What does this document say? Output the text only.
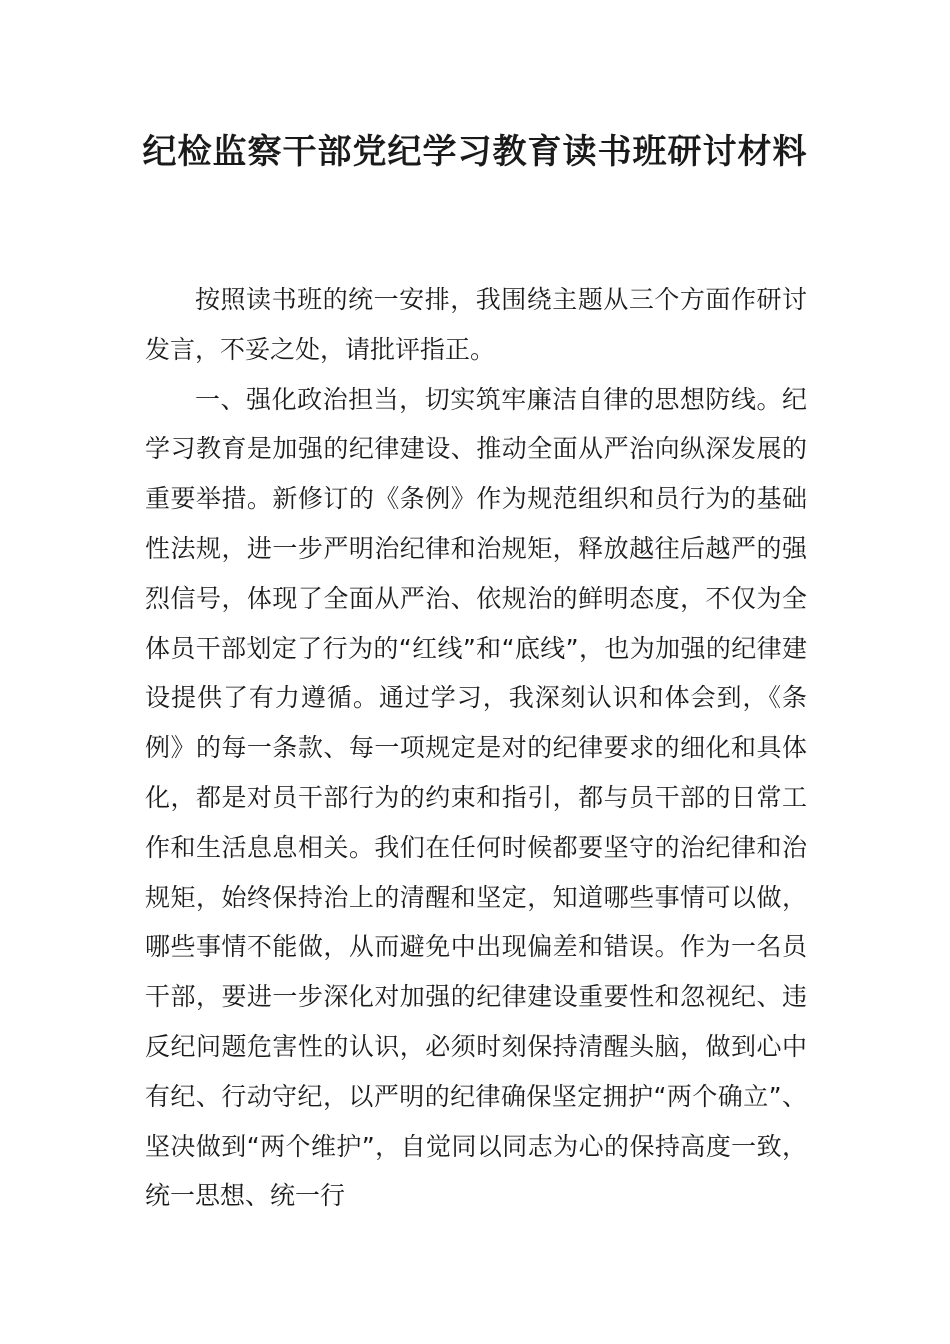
纪检监察干部党纪学习教育读书班研讨材料

按照读书班的统一安排，我围绕主题从三个方面作研讨发言，不妥之处，请批评指正。

一、强化政治担当，切实筑牢廉洁自律的思想防线。纪学习教育是加强的纪律建设、推动全面从严治向纵深发展的重要举措。新修订的《条例》作为规范组织和员行为的基础性法规，进一步严明治纪律和治规矩，释放越往后越严的强烈信号，体现了全面从严治、依规治的鲜明态度，不仅为全体员干部划定了行为的“红线”和“底线”，也为加强的纪律建设提供了有力遵循。通过学习，我深刻认识和体会到，《条例》的每一条款、每一项规定是对的纪律要求的细化和具体化，都是对员干部行为的约束和指引，都与员干部的日常工作和生活息息相关。我们在任何时候都要坚守的治纪律和治规矩，始终保持治上的清醒和坚定，知道哪些事情可以做，哪些事情不能做，从而避免中出现偏差和错误。作为一名员干部，要进一步深化对加强的纪律建设重要性和忽视纪、违反纪问题危害性的认识，必须时刻保持清醒头脑，做到心中有纪、行动守纪，以严明的纪律确保坚定拥护“两个确立”、坚决做到“两个维护”，自觉同以同志为心的保持高度一致，统一思想、统一行
